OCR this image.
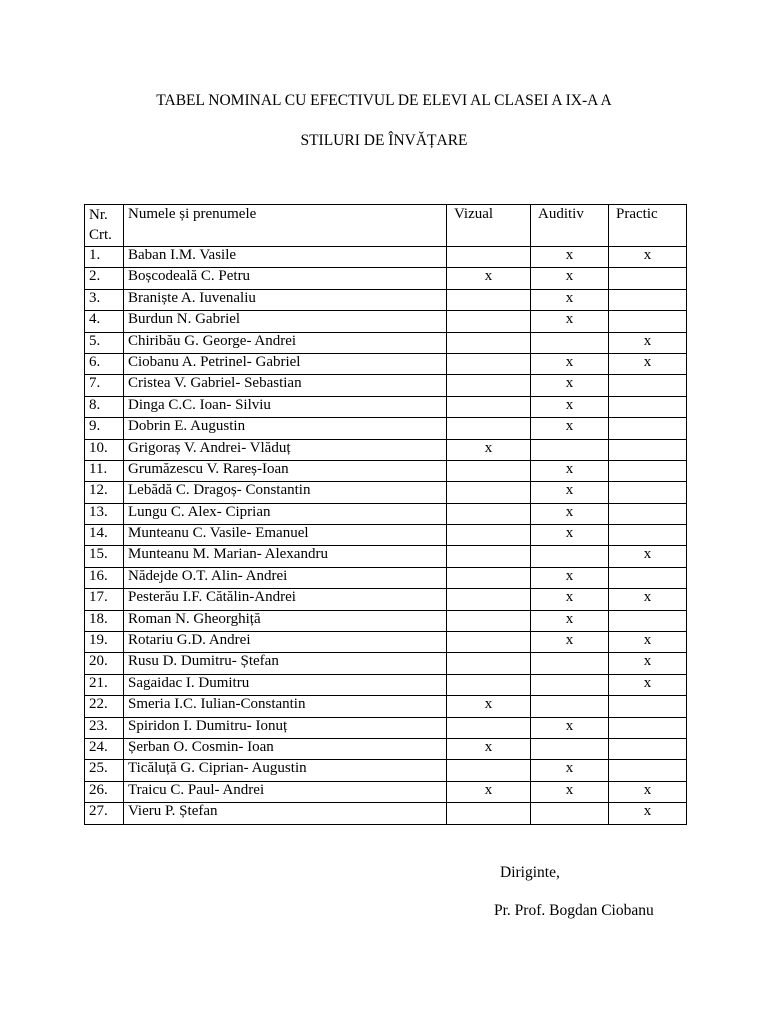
TABEL NOMINAL CU EFECTIVUL DE ELEVI AL CLASEI A IX-A A
STILURI DE ÎNVĂȚARE
Nr. Crt.	Numele și prenumele	Vizual	Auditiv	Practic
1.	Baban I.M. Vasile		x	x
2.	Boșcodeală C. Petru	x	x	
3.	Braniște A. Iuvenaliu		x	
4.	Burdun N. Gabriel		x	
5.	Chiribău G. George- Andrei			x
6.	Ciobanu A. Petrinel- Gabriel		x	x
7.	Cristea V. Gabriel- Sebastian		x	
8.	Dinga C.C. Ioan- Silviu		x	
9.	Dobrin E. Augustin		x	
10.	Grigoraș V. Andrei- Vlăduț	x		
11.	Grumăzescu V. Rareș-Ioan		x	
12.	Lebădă C. Dragoș- Constantin		x	
13.	Lungu C. Alex- Ciprian		x	
14.	Munteanu C. Vasile- Emanuel		x	
15.	Munteanu M. Marian- Alexandru			x
16.	Nădejde O.T. Alin- Andrei		x	
17.	Pesterău I.F. Cătălin-Andrei		x	x
18.	Roman N. Gheorghiță		x	
19.	Rotariu G.D. Andrei		x	x
20.	Rusu D. Dumitru- Ștefan			x
21.	Sagaidac I. Dumitru			x
22.	Smeria I.C. Iulian-Constantin	x		
23.	Spiridon I. Dumitru- Ionuț		x	
24.	Șerban O. Cosmin- Ioan	x		
25.	Ticăluță G. Ciprian- Augustin		x	
26.	Traicu C. Paul- Andrei	x	x	x
27.	Vieru P. Ștefan			x
Diriginte,
Pr. Prof. Bogdan Ciobanu
